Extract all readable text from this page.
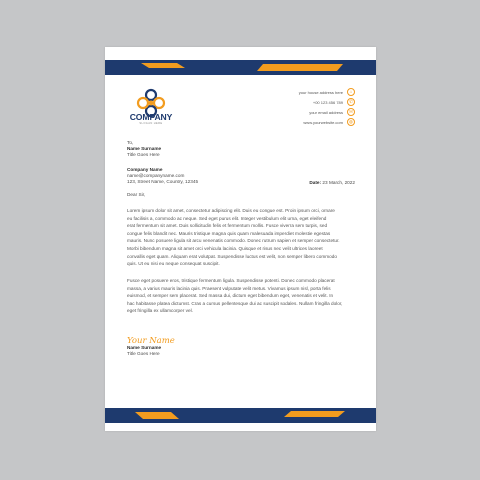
COMPANY
SLOGAN HERE
your house address here	⌂
+00 123 456 789	✆
your email address	✉
www.yourwebsite.com	◍
To,
Name Surname
Title Goes Here
Company Name
name@companyname.com
123, Street Name, Country, 12345	Date: 23 March, 2022
Dear Sir,
Lorem ipsum dolor sit amet, consectetur adipiscing elit. Duis eu congue est. Proin ipsum orci, ornare
eu facilisis a, commodo ac neque. Sed eget purus elit. Integer vestibulum elit urna, eget eleifend
erat fermentum sit amet. Duis sollicitudin felis et fermentum mollis. Fusce viverra sem turpis, sed
congue felis blandit nec. Mauris tristique magna quis quam malesuada imperdiet molestie egestas
mauris. Nunc posuere ligula sit arcu venenatis commodo. Donec rutrum sapien et semper consectetur.
Morbi bibendum magna sit amet orci vehicula lacinia. Quisque et risus nec velit ultrices laoreet
convallis eget quam. Aliquam erat volutpat. Suspendisse luctus est velit, non semper libero commodo
quis. Ut eu nisi eu neque consequat suscipit.
Fusce eget posuere eros, tristique fermentum ligula. Suspendisse potenti. Donec commodo placerat
massa, a varius mauris lacinia quis. Praesent vulputate velit metus. Vivamus ipsum nisl, porta felis
euismod, et semper sem placerat. Sed massa dui, dictum eget bibendum eget, venenatis et velit. In
hac habitasse platea dictumst. Cras a cursus pellentesque dui ac suscipit sodales. Nullam fringilla dolor,
eget fringilla ex ullamcorper vel.
Your Name
Name Surname
Title Goes Here
